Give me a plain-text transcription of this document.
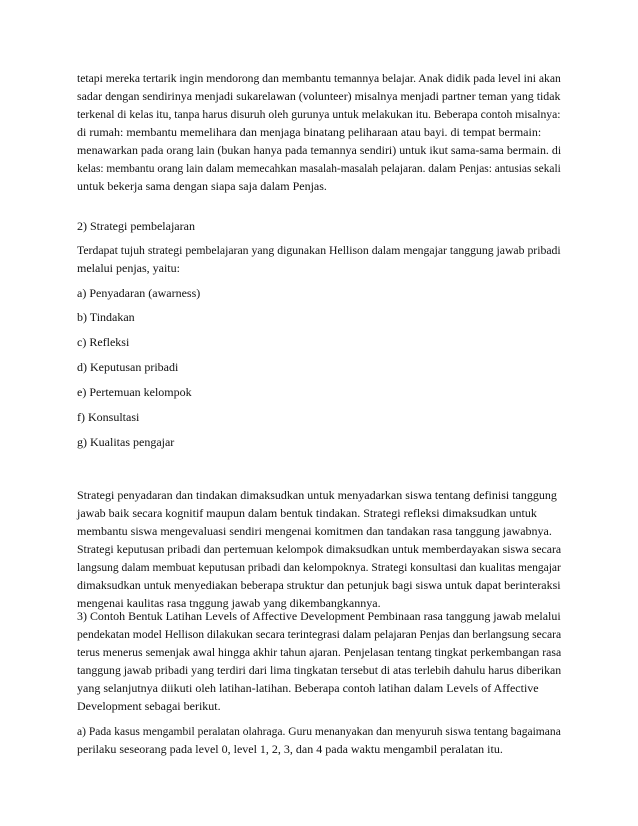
tetapi mereka tertarik ingin mendorong dan membantu temannya belajar. Anak didik pada level ini akan
sadar dengan sendirinya menjadi sukarelawan (volunteer) misalnya menjadi partner teman yang tidak
terkenal di kelas itu, tanpa harus disuruh oleh gurunya untuk melakukan itu. Beberapa contoh misalnya:
di rumah: membantu memelihara dan menjaga binatang peliharaan atau bayi. di tempat bermain:
menawarkan pada orang lain (bukan hanya pada temannya sendiri) untuk ikut sama-sama bermain. di
kelas: membantu orang lain dalam memecahkan masalah-masalah pelajaran. dalam Penjas: antusias sekali
untuk bekerja sama dengan siapa saja dalam Penjas.
2) Strategi pembelajaran
Terdapat tujuh strategi pembelajaran yang digunakan Hellison dalam mengajar tanggung jawab pribadi
melalui penjas, yaitu:
a) Penyadaran (awarness)
b) Tindakan
c) Refleksi
d) Keputusan pribadi
e) Pertemuan kelompok
f) Konsultasi
g) Kualitas pengajar
Strategi penyadaran dan tindakan dimaksudkan untuk menyadarkan siswa tentang definisi tanggung
jawab baik secara kognitif maupun dalam bentuk tindakan. Strategi refleksi dimaksudkan untuk
membantu siswa mengevaluasi sendiri mengenai komitmen dan tandakan rasa tanggung jawabnya.
Strategi keputusan pribadi dan pertemuan kelompok dimaksudkan untuk memberdayakan siswa secara
langsung dalam membuat keputusan pribadi dan kelompoknya. Strategi konsultasi dan kualitas mengajar
dimaksudkan untuk menyediakan beberapa struktur dan petunjuk bagi siswa untuk dapat berinteraksi
mengenai kaulitas rasa tnggung jawab yang dikembangkannya.
3) Contoh Bentuk Latihan Levels of Affective Development Pembinaan rasa tanggung jawab melalui
pendekatan model Hellison dilakukan secara terintegrasi dalam pelajaran Penjas dan berlangsung secara
terus menerus semenjak awal hingga akhir tahun ajaran. Penjelasan tentang tingkat perkembangan rasa
tanggung jawab pribadi yang terdiri dari lima tingkatan tersebut di atas terlebih dahulu harus diberikan
yang selanjutnya diikuti oleh latihan-latihan. Beberapa contoh latihan dalam Levels of Affective
Development sebagai berikut.
a) Pada kasus mengambil peralatan olahraga. Guru menanyakan dan menyuruh siswa tentang bagaimana
perilaku seseorang pada level 0, level 1, 2, 3, dan 4 pada waktu mengambil peralatan itu.
